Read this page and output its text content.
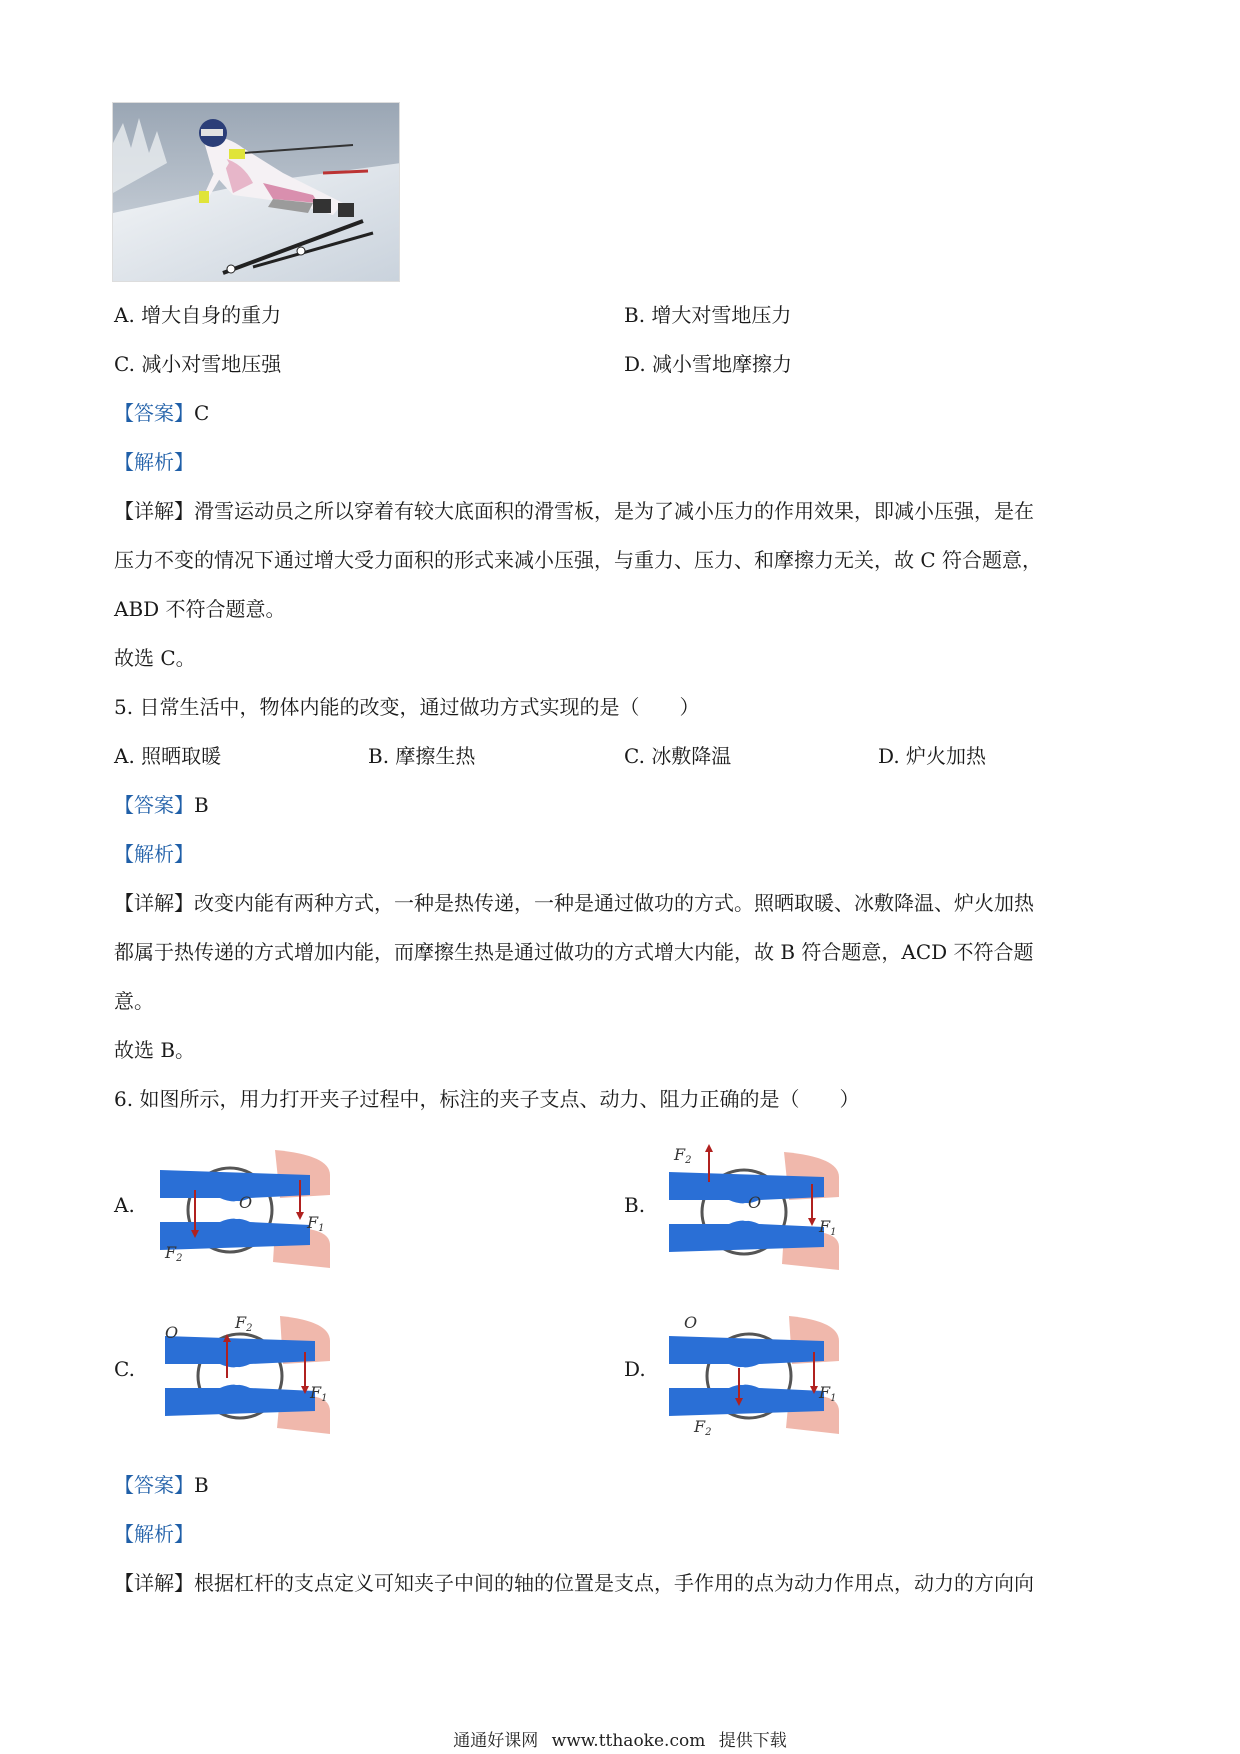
A. 增大自身的重力	B. 增大对雪地压力
C. 减小对雪地压强	D. 减小雪地摩擦力
【答案】C
【解析】
【详解】滑雪运动员之所以穿着有较大底面积的滑雪板，是为了减小压力的作用效果，即减小压强，是在
压力不变的情况下通过增大受力面积的形式来减小压强，与重力、压力、和摩擦力无关，故 C 符合题意，
ABD 不符合题意。
故选 C。
5. 日常生活中，物体内能的改变，通过做功方式实现的是（　　）
A. 照晒取暖	B. 摩擦生热	C. 冰敷降温	D. 炉火加热
【答案】B
【解析】
【详解】改变内能有两种方式，一种是热传递，一种是通过做功的方式。照晒取暖、冰敷降温、炉火加热
都属于热传递的方式增加内能，而摩擦生热是通过做功的方式增大内能，故 B 符合题意，ACD 不符合题
意。
故选 B。
6. 如图所示，用力打开夹子过程中，标注的夹子支点、动力、阻力正确的是（　　）
A.	B.
C.	D.
O
F1
F2
O
F1
F2
O
F1
F2	O
F1
F2
【答案】B
【解析】
【详解】根据杠杆的支点定义可知夹子中间的轴的位置是支点，手作用的点为动力作用点，动力的方向向
通通好课网 www.tthaoke.com 提供下载
